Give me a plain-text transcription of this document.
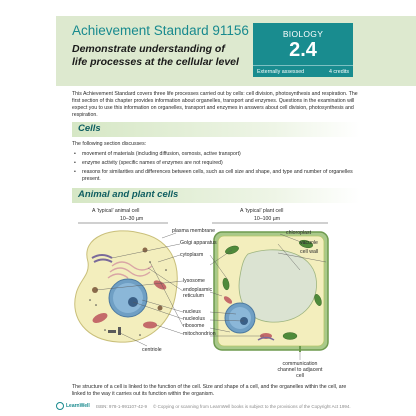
Achievement Standard 91156
Demonstrate understanding of life processes at the cellular level
BIOLOGY
2.4
Externally assessed	4 credits

This Achievement Standard covers three life processes carried out by cells: cell division, photosynthesis and respiration. The first section of this chapter provides information about organelles, transport and enzymes. Questions in the examination will expect you to use this information on organelles, transport and enzymes in answers about cell division, photosynthesis and respiration.

Cells

The following section discusses:

• movement of materials (including diffusion, osmosis, active transport)
• enzyme activity (specific names of enzymes are not required)
• reasons for similarities and differences between cells, such as cell size and shape, and type and number of organelles present.
Animal and plant cells
A ‘typical’ animal cell
10–30 µm
A ‘typical’ plant cell
10–100 µm
plasma membrane
Golgi apparatus
cytoplasm
lysosome
endoplasmic reticulum
nucleus
nucleolus
ribosome
mitochondrion
centriole
chloroplast
vacuole
cell wall
communication channel to adjacent cell

The structure of a cell is linked to the function of the cell. Size and shape of a cell, and the organelles within the cell, are linked to the way it carries out its function within the organism.

LearnWell ISBN: 978-1-991107-42-9 © Copying or scanning from LearnWell books is subject to the provisions of the Copyright Act 1994.
